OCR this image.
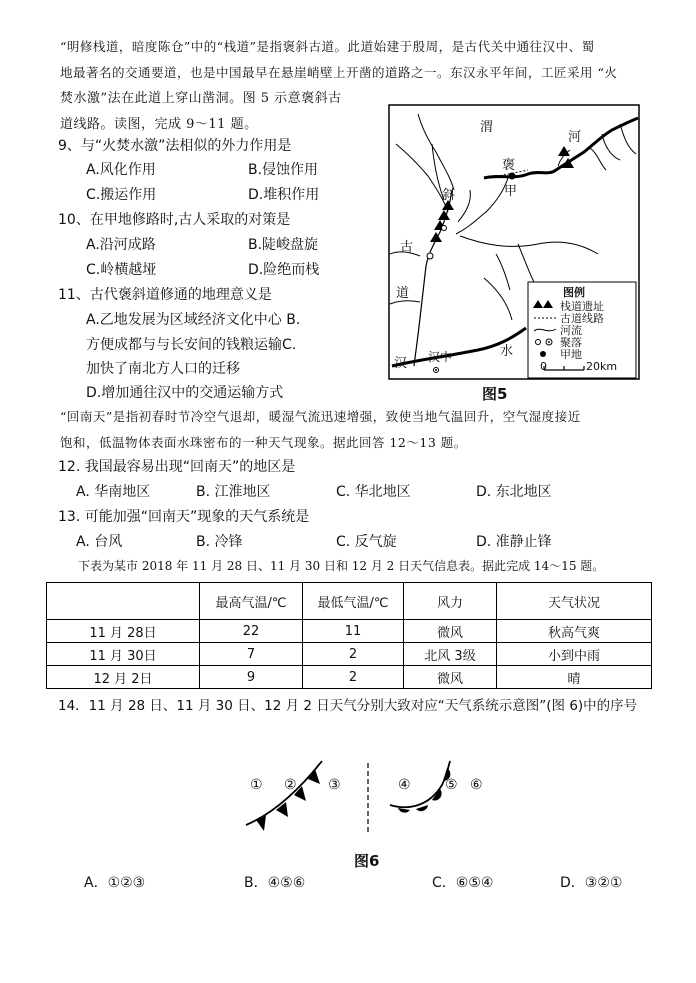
“明修栈道，暗度陈仓”中的“栈道”是指褒斜古道。此道始建于殷周，是古代关中通往汉中、蜀
地最著名的交通要道，也是中国最早在悬崖峭壁上开凿的道路之一。东汉永平年间，工匠采用 “火
焚水激”法在此道上穿山凿洞。图 5 示意褒斜古
道线路。读图，完成 9～11 题。
9、与“火焚水激”法相似的外力作用是
A.风化作用	B.侵蚀作用
C.搬运作用	D.堆积作用
10、在甲地修路时,古人采取的对策是
A.沿河成路	B.陡峻盘旋
C.岭横越垭	D.险绝而栈
11、古代褒斜道修通的地理意义是
A.乙地发展为区域经济文化中心 B.
方便成都与与长安间的钱粮运输C.
加快了南北方人口的迁移
D.增加通往汉中的交通运输方式
渭
河
褒
甲
斜
古
道
汉中
汉
水
图例
栈道遗址
古道线路
河流
聚落
甲地
0	20km
图5
“回南天”是指初春时节冷空气退却，暖湿气流迅速增强，致使当地气温回升，空气湿度接近
饱和，低温物体表面水珠密布的一种天气现象。据此回答 12～13 题。
12. 我国最容易出现“回南天”的地区是
A. 华南地区	B. 江淮地区	C. 华北地区	D. 东北地区
13. 可能加强“回南天”现象的天气系统是
A. 台风	B. 冷锋	C. 反气旋	D. 准静止锋
下表为某市 2018 年 11 月 28 日、11 月 30 日和 12 月 2 日天气信息表。据此完成 14～15 题。
	最高气温/℃	最低气温/℃	风力	天气状况
11 月 28日	22	11	微风	秋高气爽
11 月 30日	7	2	北风 3级	小到中雨
12 月 2日	9	2	微风	晴
14．11 月 28 日、11 月 30 日、12 月 2 日天气分别大致对应“天气系统示意图”(图 6)中的序号
① ② ③	④ ⑤ ⑥
图6
A．①②③	B．④⑤⑥	C．⑥⑤④	D．③②①
